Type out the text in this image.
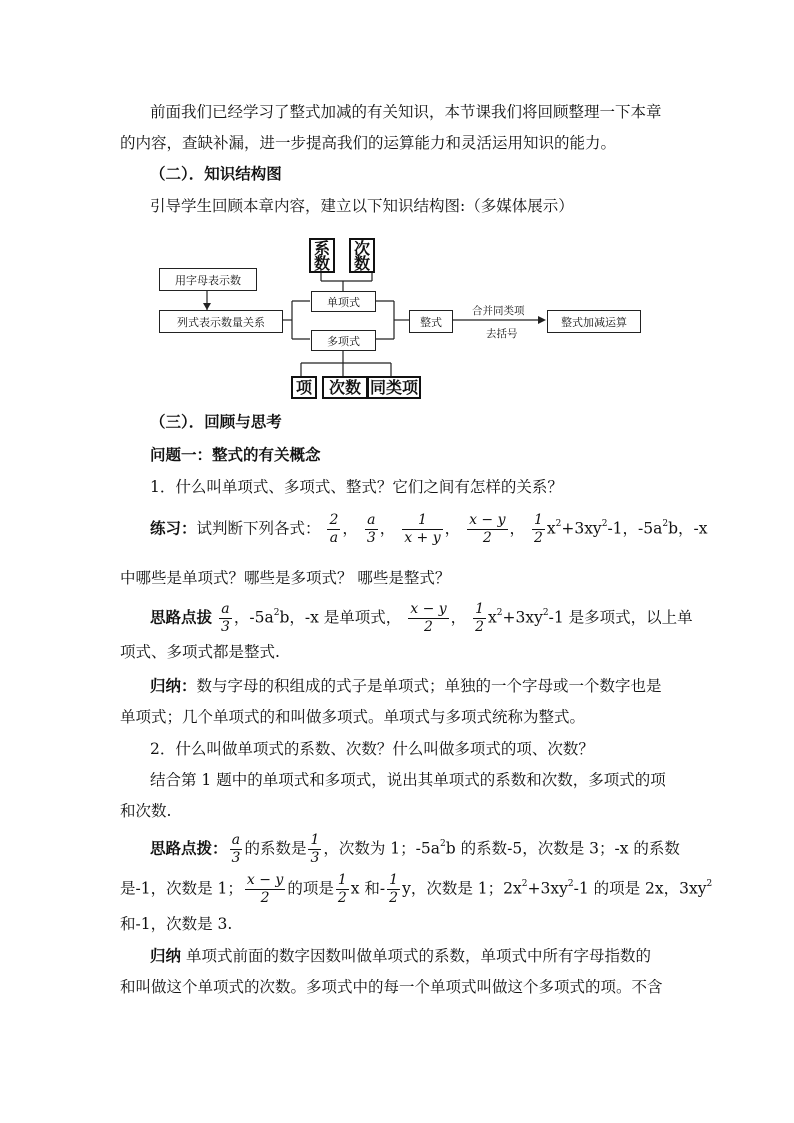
前面我们已经学习了整式加减的有关知识，本节课我们将回顾整理一下本章
的内容，查缺补漏，进一步提高我们的运算能力和灵活运用知识的能力。
（二）．知识结构图
引导学生回顾本章内容，建立以下知识结构图:（多媒体展示）
系数
次数
用字母表示数
列式表示数量关系
单项式
多项式
整式
合并同类项
去括号
整式加减运算
项	次数 同类项
（三）．回顾与思考
问题一：整式的有关概念
1．什么叫单项式、多项式、整式？它们之间有怎样的关系？
练习：试判断下列各式： $\frac{2}{a}$ ， $\frac{a}{3}$ ， $\frac{1}{x + y}$ ， $\frac{x - y}{2}$ ， $\frac{1}{2} x^2+3xy^2-1$，$-5a^2b$，-x
中哪些是单项式？哪些是多项式？ 哪些是整式？
思路点拔 $\frac{a}{3}$ ，$-5a^2b$，-x 是单项式， $\frac{x - y}{2}$ ， $\frac{1}{2} x^2+3xy^2-1$ 是多项式，以上单
项式、多项式都是整式.
归纳：数与字母的积组成的式子是单项式；单独的一个字母或一个数字也是
单项式；几个单项式的和叫做多项式。单项式与多项式统称为整式。
2．什么叫做单项式的系数、次数？什么叫做多项式的项、次数？
结合第 1 题中的单项式和多项式，说出其单项式的系数和次数，多项式的项
和次数.
思路点拨： $\frac{a}{3}$ 的系数是 $\frac{1}{3}$ ，次数为 1；$-5a^2b$ 的系数-5，次数是 3；-x 的系数
是-1，次数是 1； $\frac{x - y}{2}$ 的项是 $\frac{1}{2}$ x 和- $\frac{1}{2}$ y，次数是 1；$2x^2+3xy^2-1$ 的项是 2x，$3xy^2$
和-1，次数是 3.
归纳 单项式前面的数字因数叫做单项式的系数，单项式中所有字母指数的
和叫做这个单项式的次数。多项式中的每一个单项式叫做这个多项式的项。不含
